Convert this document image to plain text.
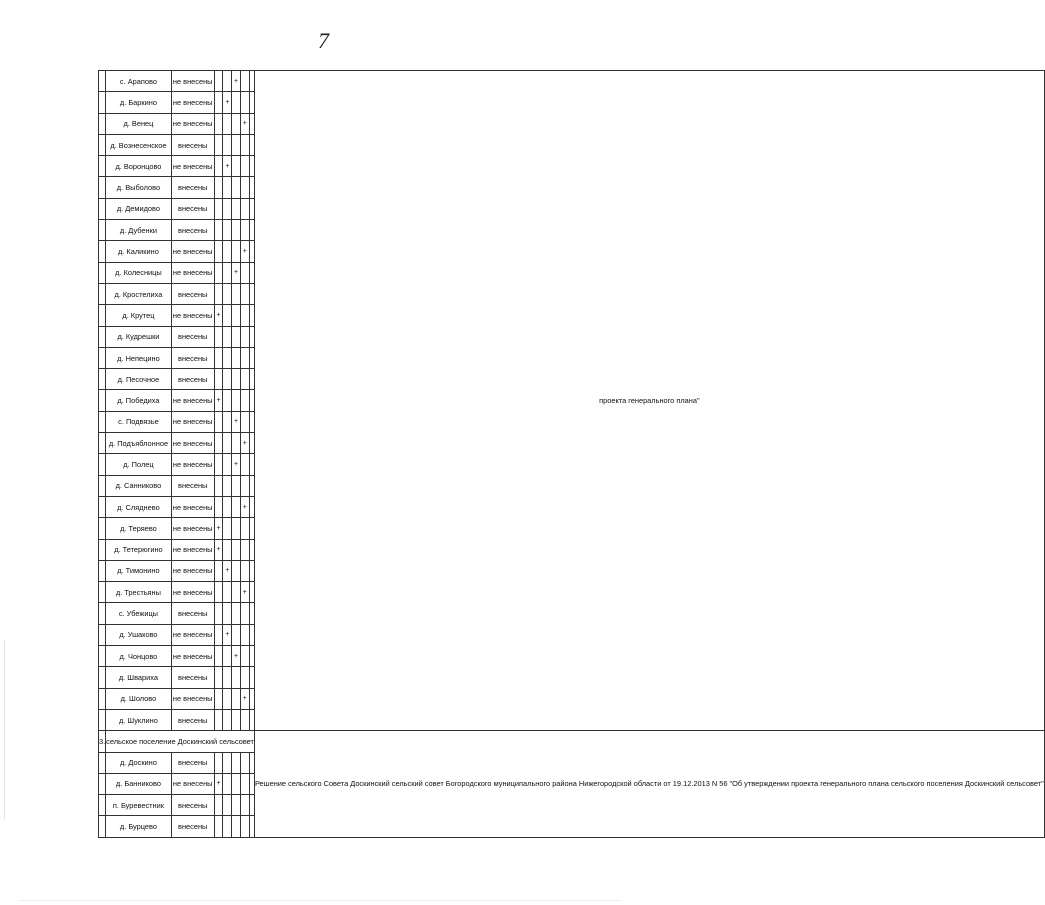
7
	с. Арапово	не внесены			+			проекта генерального плана"
	д. Баркино	не внесены		+				
	д. Венец	не внесены				+		
	д. Вознесенское	внесены						
	д. Воронцово	не внесены		+				
	д. Выболово	внесены						
	д. Демидово	внесены						
	д. Дубенки	внесены						
	д. Каликино	не внесены				+		
	д. Колесницы	не внесены			+			
	д. Кростелиха	внесены						
	д. Крутец	не внесены	+					
	д. Кудрешки	внесены						
	д. Непецино	внесены						
	д. Песочное	внесены						
	д. Победиха	не внесены	+					
	с. Подвязье	не внесены			+			
	д. Подъяблонное	не внесены				+		
	д. Полец	не внесены			+			
	д. Санниково	внесены						
	д. Сляднево	не внесены				+		
	д. Теряево	не внесены	+					
	д. Тетерюгино	не внесены	+					
	д. Тимонино	не внесены		+				
	д. Трестьяны	не внесены				+		
	с. Убежицы	внесены						
	д. Ушаково	не внесены		+				
	д. Чонцово	не внесены			+			
	д. Швариха	внесены						
	д. Шолово	не внесены				+		
	д. Шуклино	внесены						
3.	сельское поселение Доскинский сельсовет							Решение сельского Совета Доскинский сельский совет Богородского муниципального района Нижегородской области от 19.12.2013 N 56 "Об утверждении проекта генерального плана сельского поселения Доскинский сельсовет"
	д. Доскино	внесены						
	д. Банниково	не внесены	+					
	п. Буревестник	внесены						
	д. Бурцево	внесены						
